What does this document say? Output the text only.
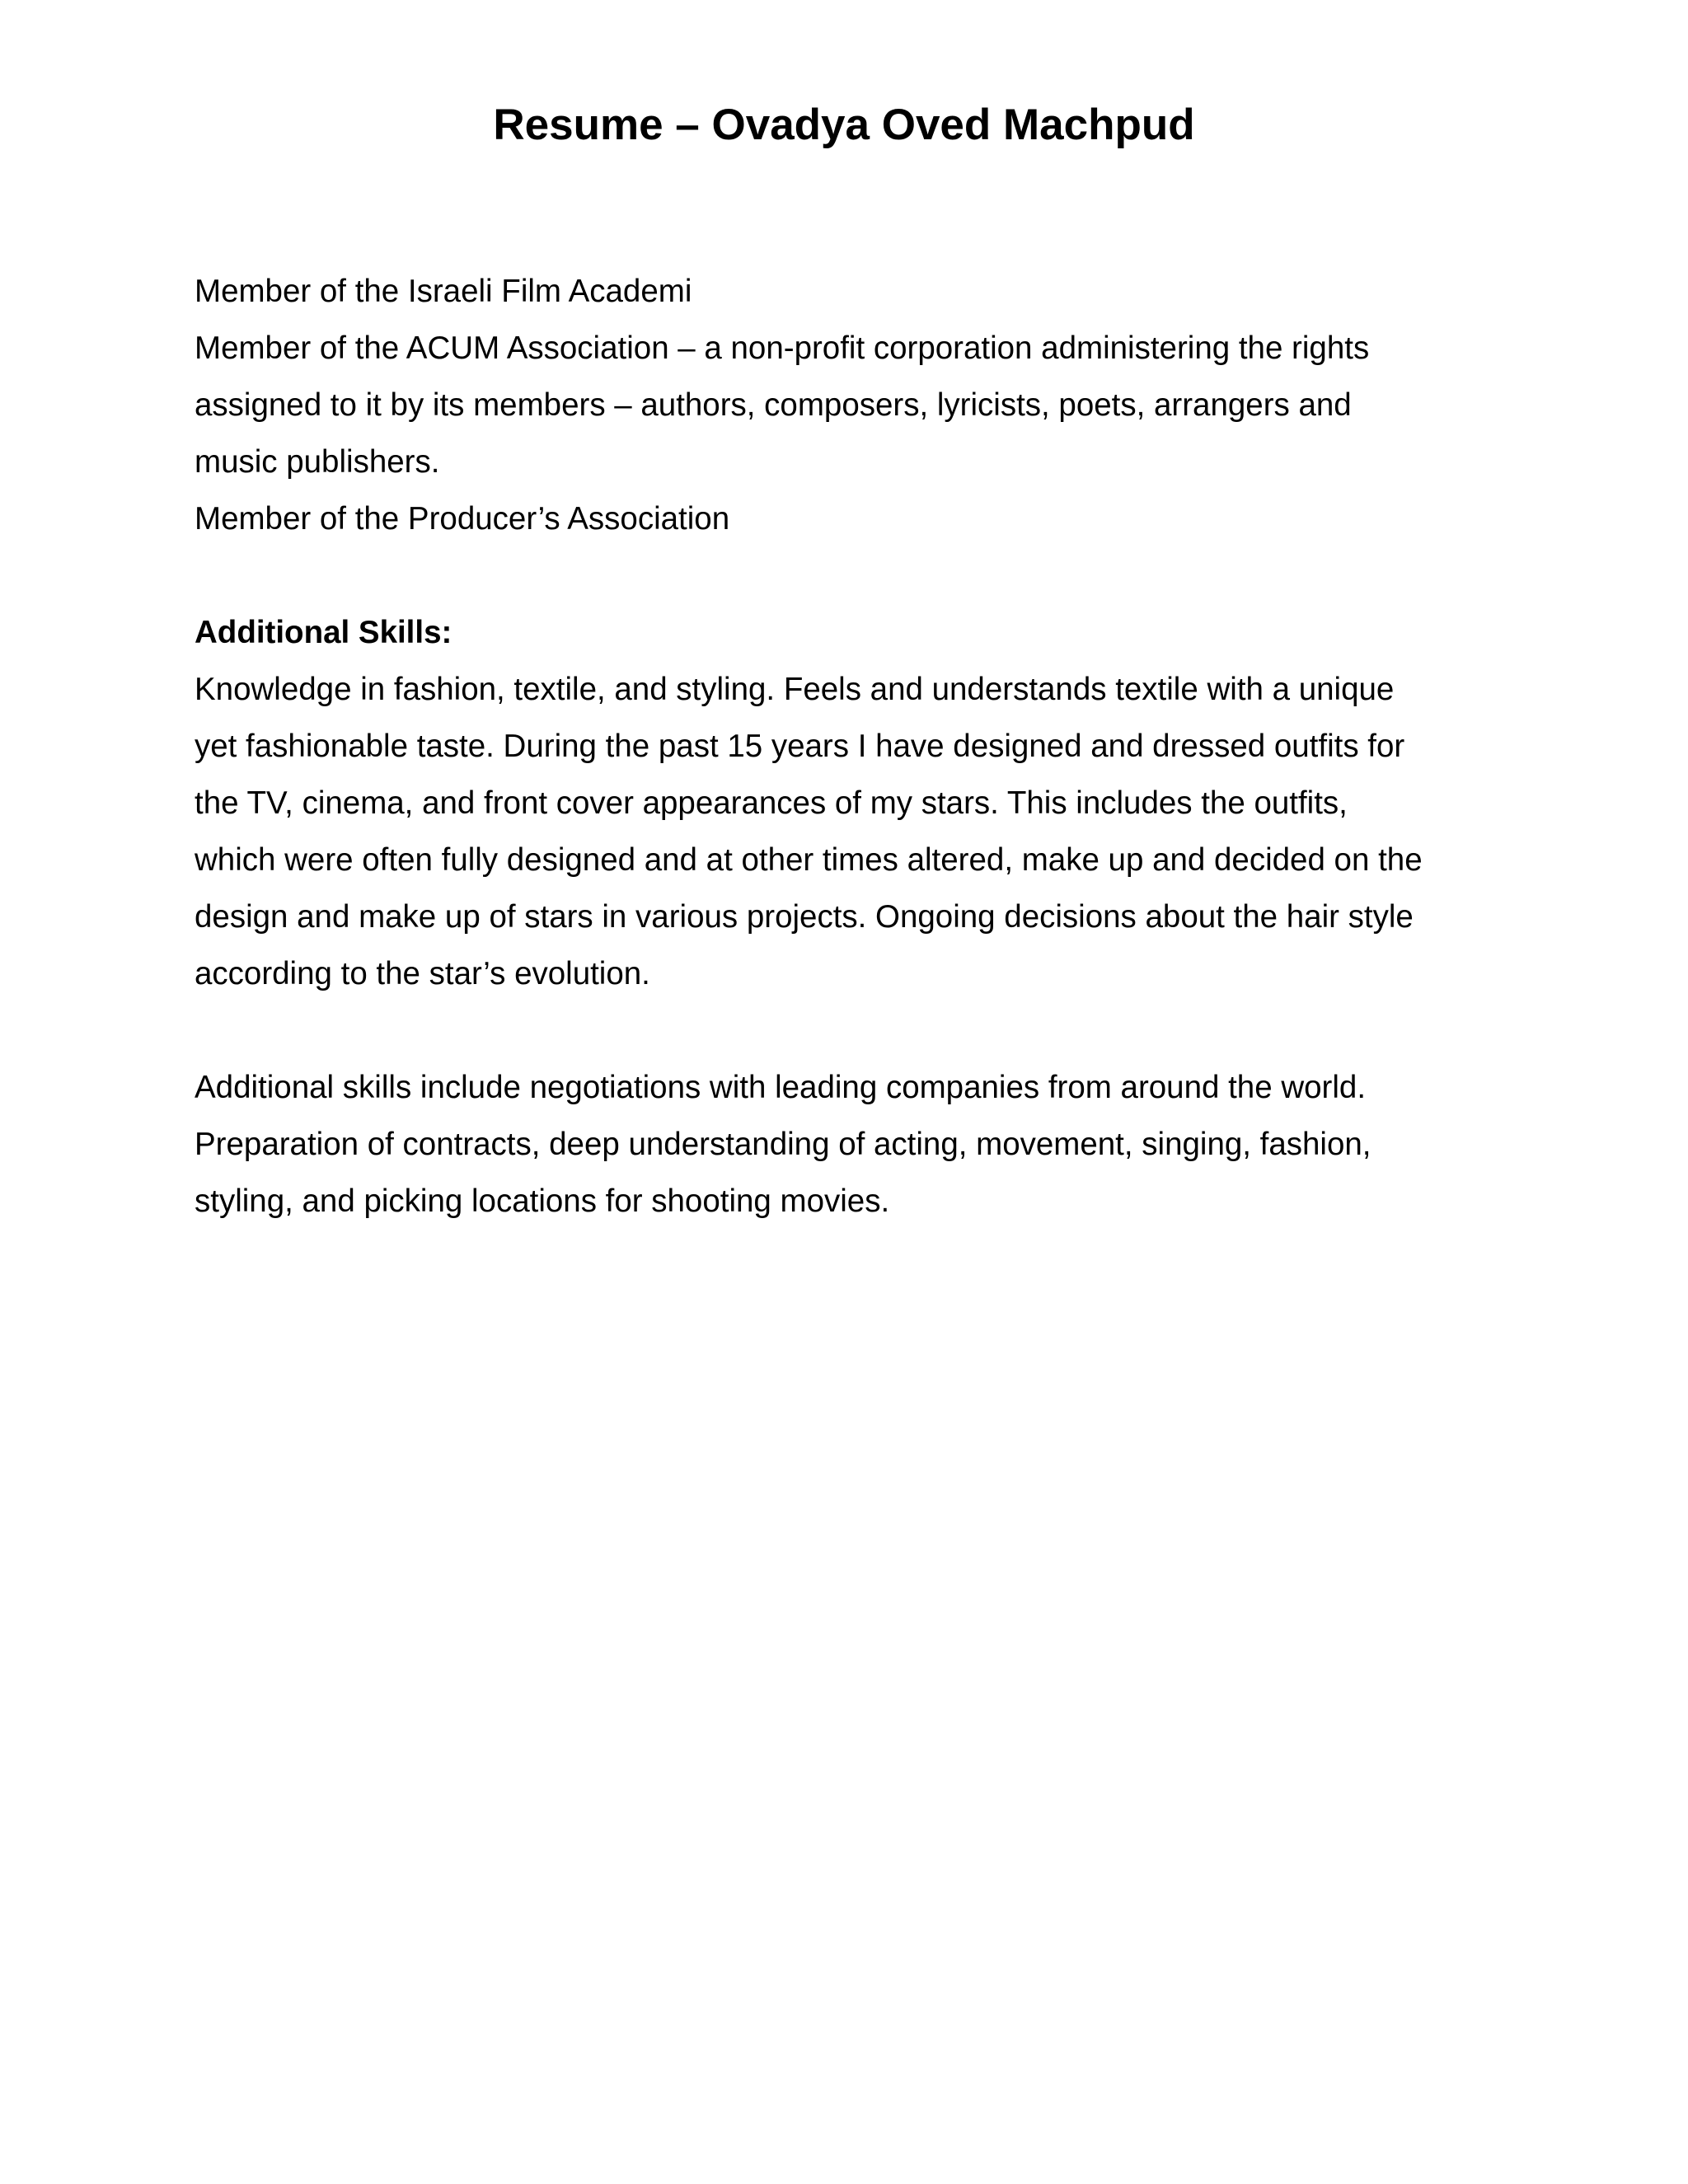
Resume – Ovadya Oved Machpud

Member of the Israeli Film Academi

Member of the ACUM Association – a non-profit corporation administering the rights

assigned to it by its members – authors, composers, lyricists, poets, arrangers and

music publishers.

Member of the Producer’s Association

Additional Skills:

Knowledge in fashion, textile, and styling. Feels and understands textile with a unique

yet fashionable taste. During the past 15 years I have designed and dressed outfits for

the TV, cinema, and front cover appearances of my stars. This includes the outfits,

which were often fully designed and at other times altered, make up and decided on the

design and make up of stars in various projects. Ongoing decisions about the hair style

according to the star’s evolution.

Additional skills include negotiations with leading companies from around the world.

Preparation of contracts, deep understanding of acting, movement, singing, fashion,

styling, and picking locations for shooting movies.
